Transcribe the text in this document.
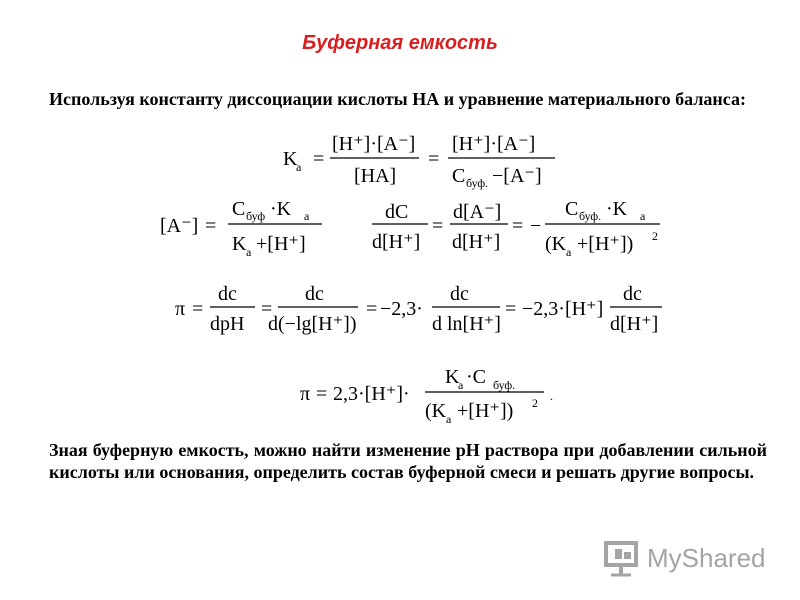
Буферная емкость
Используя константу диссоциации кислоты НА и уравнение материального баланса:
K
а =
[H⁺]·[A⁻]
[HA]
=
[H⁺]·[A⁻]
C буф. −[A⁻]
[A⁻] =
C буф ·K а
K а +[H⁺]
dC
d[H⁺]
=
d[A⁻]
d[H⁺]
= −
C буф. ·K а
(K а +[H⁺]) 2
π =
dc
dpH
=
dc
d(−lg[H⁺])
= −2,3·
dc
d ln[H⁺]
= −2,3·[H⁺]
dc
d[H⁺]
π = 2,3·[H⁺]·
K
а ·C буф.
(K а +[H⁺]) 2 .
Зная буферную емкость, можно найти изменение рН раствора при добавлении сильной кислоты или основания, определить состав буферной смеси и решать другие вопросы.
MyShared
